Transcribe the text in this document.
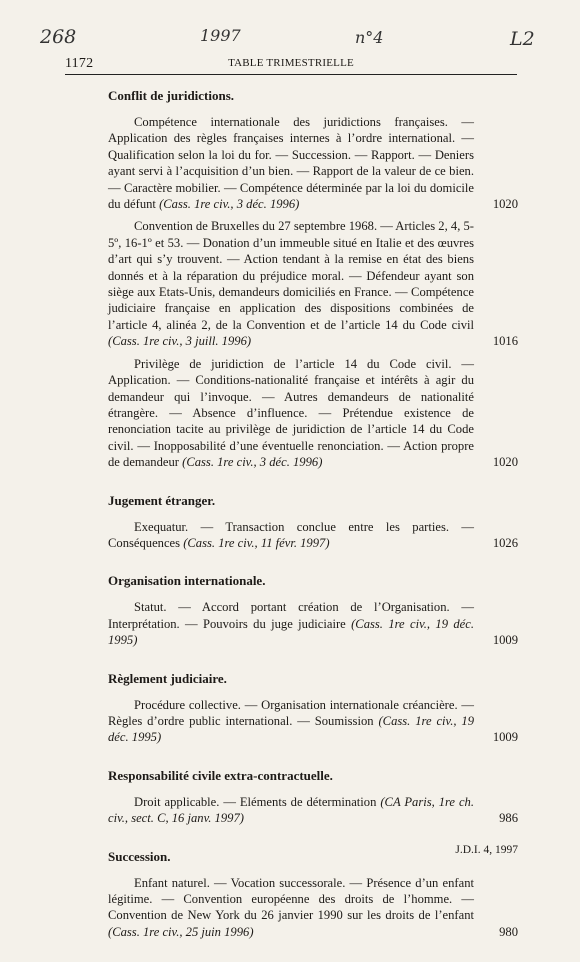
268	1997	n°4	L2
1172	TABLE TRIMESTRIELLE
Conflit de juridictions.
Compétence internationale des juridictions françaises. — Application des règles françaises internes à l’ordre international. — Qualification selon la loi du for. — Succession. — Rapport. — Deniers ayant servi à l’acquisition d’un bien. — Rapport de la valeur de ce bien. — Caractère mobilier. — Compétence déterminée par la loi du domicile du défunt (Cass. 1re civ., 3 déc. 1996)	1020
Convention de Bruxelles du 27 septembre 1968. — Articles 2, 4, 5-5º, 16-1º et 53. — Donation d’un immeuble situé en Italie et des œuvres d’art qui s’y trouvent. — Action tendant à la remise en état des biens donnés et à la réparation du préjudice moral. — Défendeur ayant son siège aux Etats-Unis, demandeurs domiciliés en France. — Compétence judiciaire française en application des dispositions combinées de l’article 4, alinéa 2, de la Convention et de l’article 14 du Code civil (Cass. 1re civ., 3 juill. 1996)	1016
Privilège de juridiction de l’article 14 du Code civil. — Application. — Conditions-nationalité française et intérêts à agir du demandeur qui l’invoque. — Autres demandeurs de nationalité étrangère. — Absence d’influence. — Prétendue existence de renonciation tacite au privilège de juridiction de l’article 14 du Code civil. — Inopposabilité d’une éventuelle renonciation. — Action propre de demandeur (Cass. 1re civ., 3 déc. 1996)	1020
Jugement étranger.
Exequatur. — Transaction conclue entre les parties. — Conséquences (Cass. 1re civ., 11 févr. 1997)	1026
Organisation internationale.
Statut. — Accord portant création de l’Organisation. — Interprétation. — Pouvoirs du juge judiciaire (Cass. 1re civ., 19 déc. 1995)	1009
Règlement judiciaire.
Procédure collective. — Organisation internationale créancière. — Règles d’ordre public international. — Soumission (Cass. 1re civ., 19 déc. 1995)	1009
Responsabilité civile extra-contractuelle.
Droit applicable. — Eléments de détermination (CA Paris, 1re ch. civ., sect. C, 16 janv. 1997)	986
Succession.
Enfant naturel. — Vocation successorale. — Présence d’un enfant légitime. — Convention européenne des droits de l’homme. — Convention de New York du 26 janvier 1990 sur les droits de l’enfant (Cass. 1re civ., 25 juin 1996)	980
J.D.I. 4, 1997
